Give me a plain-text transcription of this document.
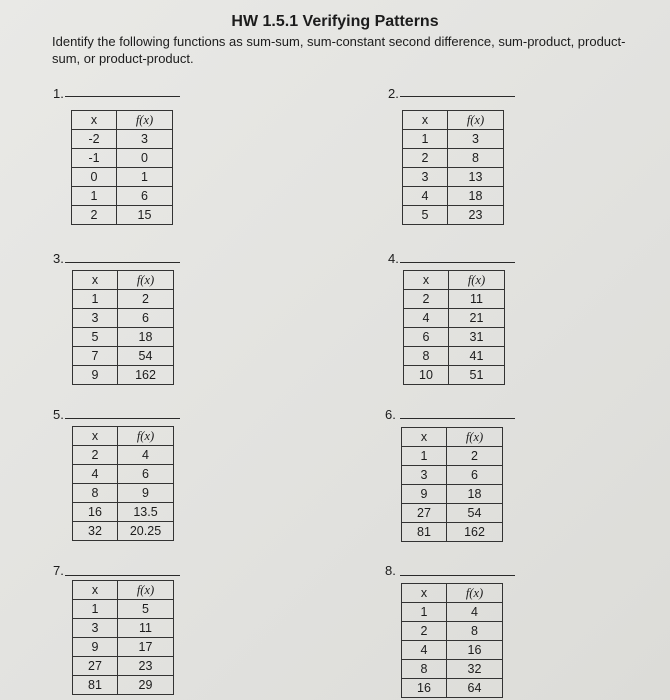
HW 1.5.1 Verifying Patterns
Identify the following functions as sum-sum, sum-constant second difference, sum-product, product-sum, or product-product.
1.
x	f(x)
-2	3
-1	0
0	1
1	6
2	15
2.
x	f(x)
1	3
2	8
3	13
4	18
5	23
3.
x	f(x)
1	2
3	6
5	18
7	54
9	162
4.
x	f(x)
2	11
4	21
6	31
8	41
10	51
5.
x	f(x)
2	4
4	6
8	9
16	13.5
32	20.25
6.
x	f(x)
1	2
3	6
9	18
27	54
81	162
7.
x	f(x)
1	5
3	11
9	17
27	23
81	29
8.
x	f(x)
1	4
2	8
4	16
8	32
16	64
